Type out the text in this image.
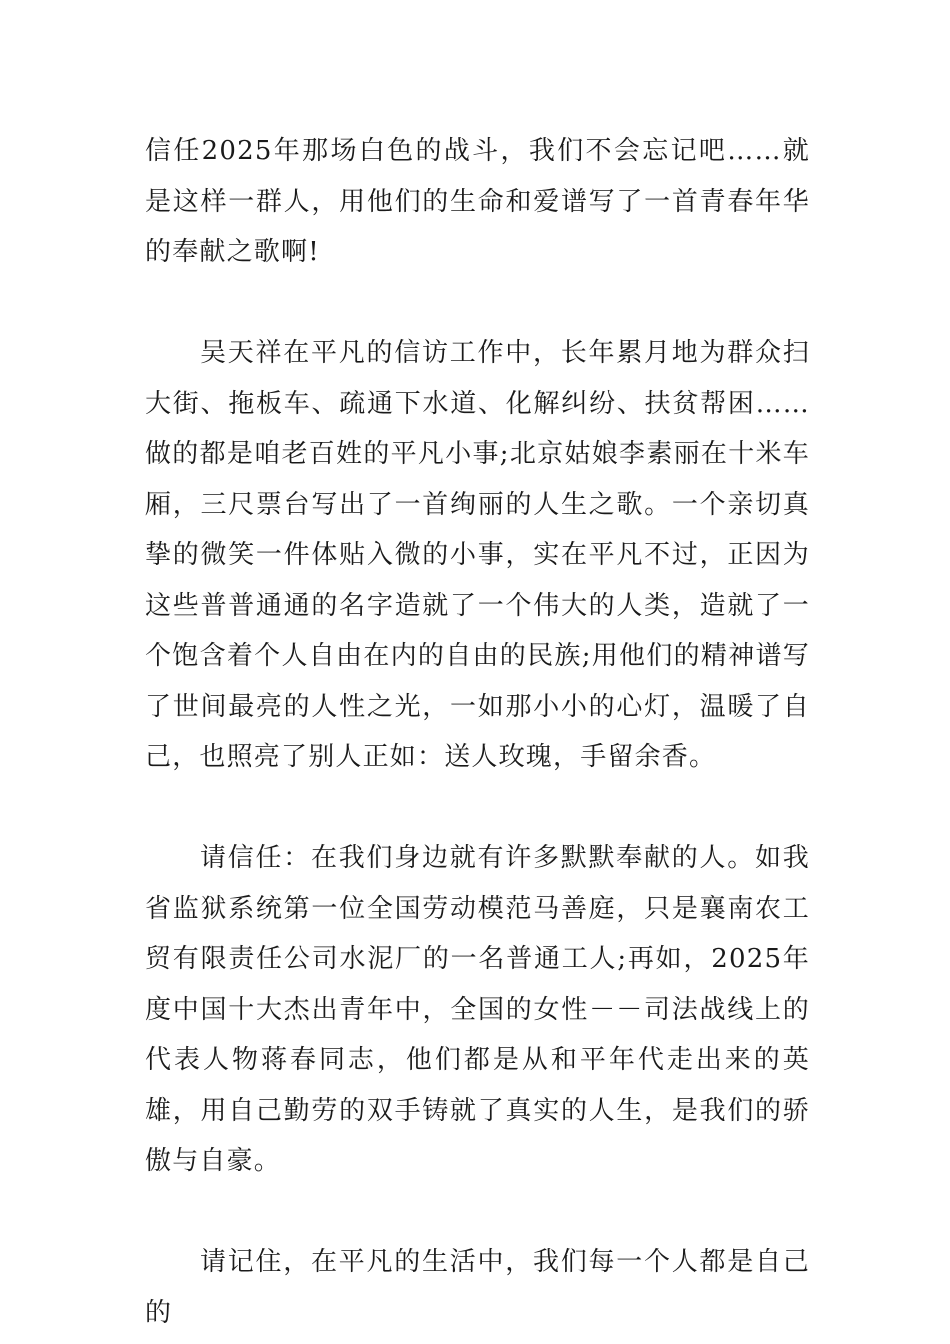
信任2025年那场白色的战斗，我们不会忘记吧……就是这样一群人，用他们的生命和爱谱写了一首青春年华的奉献之歌啊!

吴天祥在平凡的信访工作中，长年累月地为群众扫大街、拖板车、疏通下水道、化解纠纷、扶贫帮困……做的都是咱老百姓的平凡小事;北京姑娘李素丽在十米车厢，三尺票台写出了一首绚丽的人生之歌。一个亲切真挚的微笑一件体贴入微的小事，实在平凡不过，正因为这些普普通通的名字造就了一个伟大的人类，造就了一个饱含着个人自由在内的自由的民族;用他们的精神谱写了世间最亮的人性之光，一如那小小的心灯，温暖了自己，也照亮了别人正如：送人玫瑰，手留余香。

请信任：在我们身边就有许多默默奉献的人。如我省监狱系统第一位全国劳动模范马善庭，只是襄南农工贸有限责任公司水泥厂的一名普通工人;再如，2025年度中国十大杰出青年中，全国的女性－－司法战线上的代表人物蒋春同志，他们都是从和平年代走出来的英雄，用自己勤劳的双手铸就了真实的人生，是我们的骄傲与自豪。

请记住，在平凡的生活中，我们每一个人都是自己的
